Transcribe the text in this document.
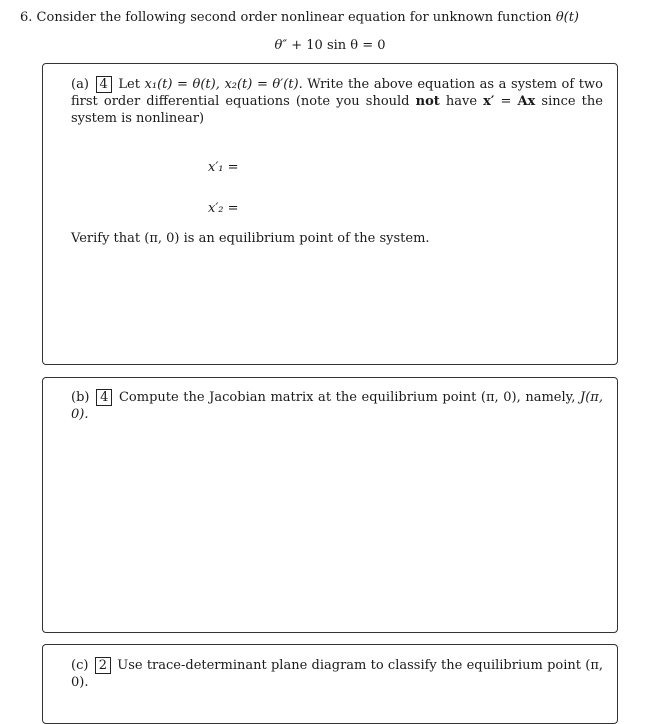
6. Consider the following second order nonlinear equation for unknown function θ(t)
θ″ + 10 sin θ = 0
(a) 4 Let x₁(t) = θ(t), x₂(t) = θ′(t). Write the above equation as a system of two first order differential equations (note you should not have x′ = Ax since the system is nonlinear)
x′₁ =
x′₂ =
Verify that (π, 0) is an equilibrium point of the system.
(b) 4 Compute the Jacobian matrix at the equilibrium point (π, 0), namely, J(π, 0).
(c) 2 Use trace-determinant plane diagram to classify the equilibrium point (π, 0).
